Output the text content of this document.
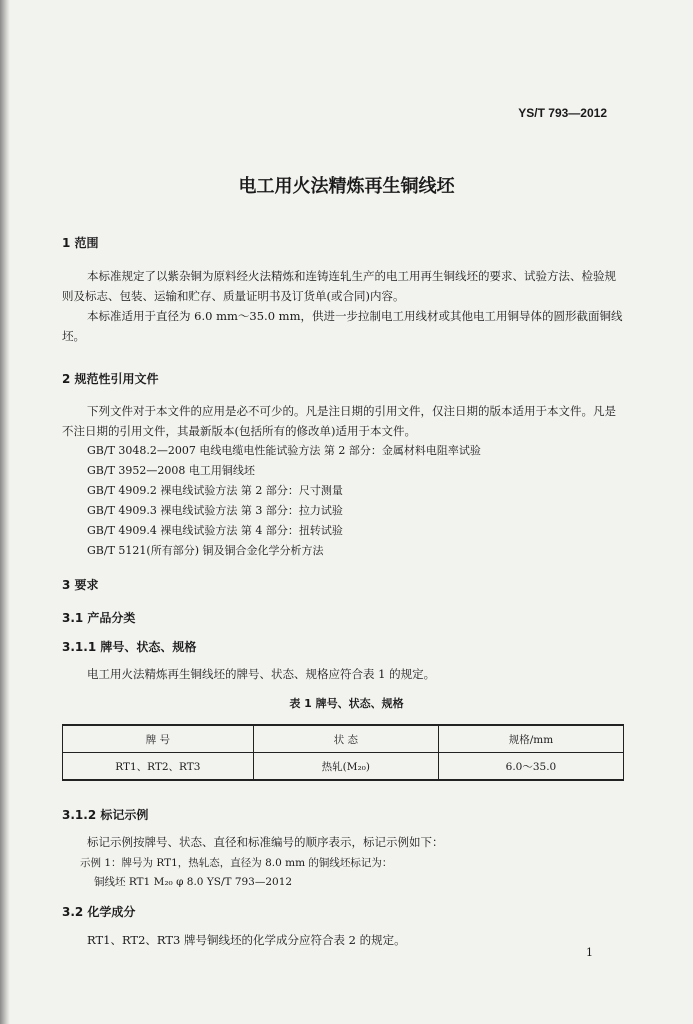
YS/T 793—2012
电工用火法精炼再生铜线坯
1 范围
本标准规定了以紫杂铜为原料经火法精炼和连铸连轧生产的电工用再生铜线坯的要求、试验方法、检验规则及标志、包装、运输和贮存、质量证明书及订货单(或合同)内容。
本标准适用于直径为 6.0 mm～35.0 mm，供进一步拉制电工用线材或其他电工用铜导体的圆形截面铜线坯。
2 规范性引用文件
下列文件对于本文件的应用是必不可少的。凡是注日期的引用文件，仅注日期的版本适用于本文件。凡是不注日期的引用文件，其最新版本(包括所有的修改单)适用于本文件。
GB/T 3048.2—2007 电线电缆电性能试验方法 第 2 部分：金属材料电阻率试验
GB/T 3952—2008 电工用铜线坯
GB/T 4909.2 裸电线试验方法 第 2 部分：尺寸测量
GB/T 4909.3 裸电线试验方法 第 3 部分：拉力试验
GB/T 4909.4 裸电线试验方法 第 4 部分：扭转试验
GB/T 5121(所有部分) 铜及铜合金化学分析方法
3 要求
3.1 产品分类
3.1.1 牌号、状态、规格
电工用火法精炼再生铜线坯的牌号、状态、规格应符合表 1 的规定。
表 1 牌号、状态、规格
牌 号	状 态	规格/mm
RT1、RT2、RT3	热轧(M₂₀)	6.0～35.0
3.1.2 标记示例
标记示例按牌号、状态、直径和标准编号的顺序表示，标记示例如下：
示例 1：牌号为 RT1，热轧态，直径为 8.0 mm 的铜线坯标记为：
铜线坯 RT1 M₂₀ φ 8.0 YS/T 793—2012
3.2 化学成分
RT1、RT2、RT3 牌号铜线坯的化学成分应符合表 2 的规定。
1
